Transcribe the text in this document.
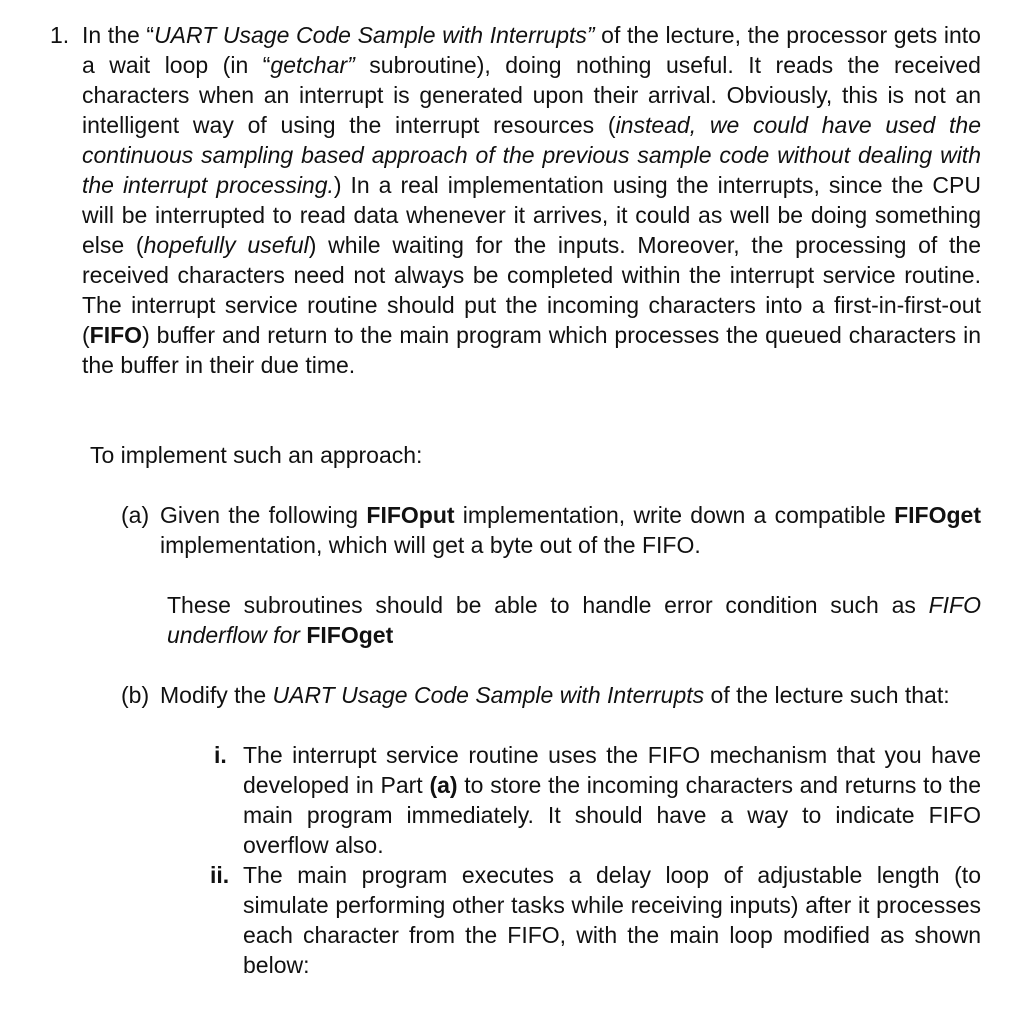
1. In the “UART Usage Code Sample with Interrupts” of the lecture, the processor gets into a wait loop (in “getchar” subroutine), doing nothing useful. It reads the received characters when an interrupt is generated upon their arrival. Obviously, this is not an intelligent way of using the interrupt resources (instead, we could have used the continuous sampling based approach of the previous sample code without dealing with the interrupt processing.) In a real implementation using the interrupts, since the CPU will be interrupted to read data whenever it arrives, it could as well be doing something else (hopefully useful) while waiting for the inputs. Moreover, the processing of the received characters need not always be completed within the interrupt service routine. The interrupt service routine should put the incoming characters into a first-in-first-out (FIFO) buffer and return to the main program which processes the queued characters in the buffer in their due time.
To implement such an approach:
(a) Given the following FIFOput implementation, write down a compatible FIFOget implementation, which will get a byte out of the FIFO.
These subroutines should be able to handle error condition such as FIFO underflow for FIFOget
(b) Modify the UART Usage Code Sample with Interrupts of the lecture such that:
i. The interrupt service routine uses the FIFO mechanism that you have developed in Part (a) to store the incoming characters and returns to the main program immediately. It should have a way to indicate FIFO overflow also.
ii. The main program executes a delay loop of adjustable length (to simulate performing other tasks while receiving inputs) after it processes each character from the FIFO, with the main loop modified as shown below:
